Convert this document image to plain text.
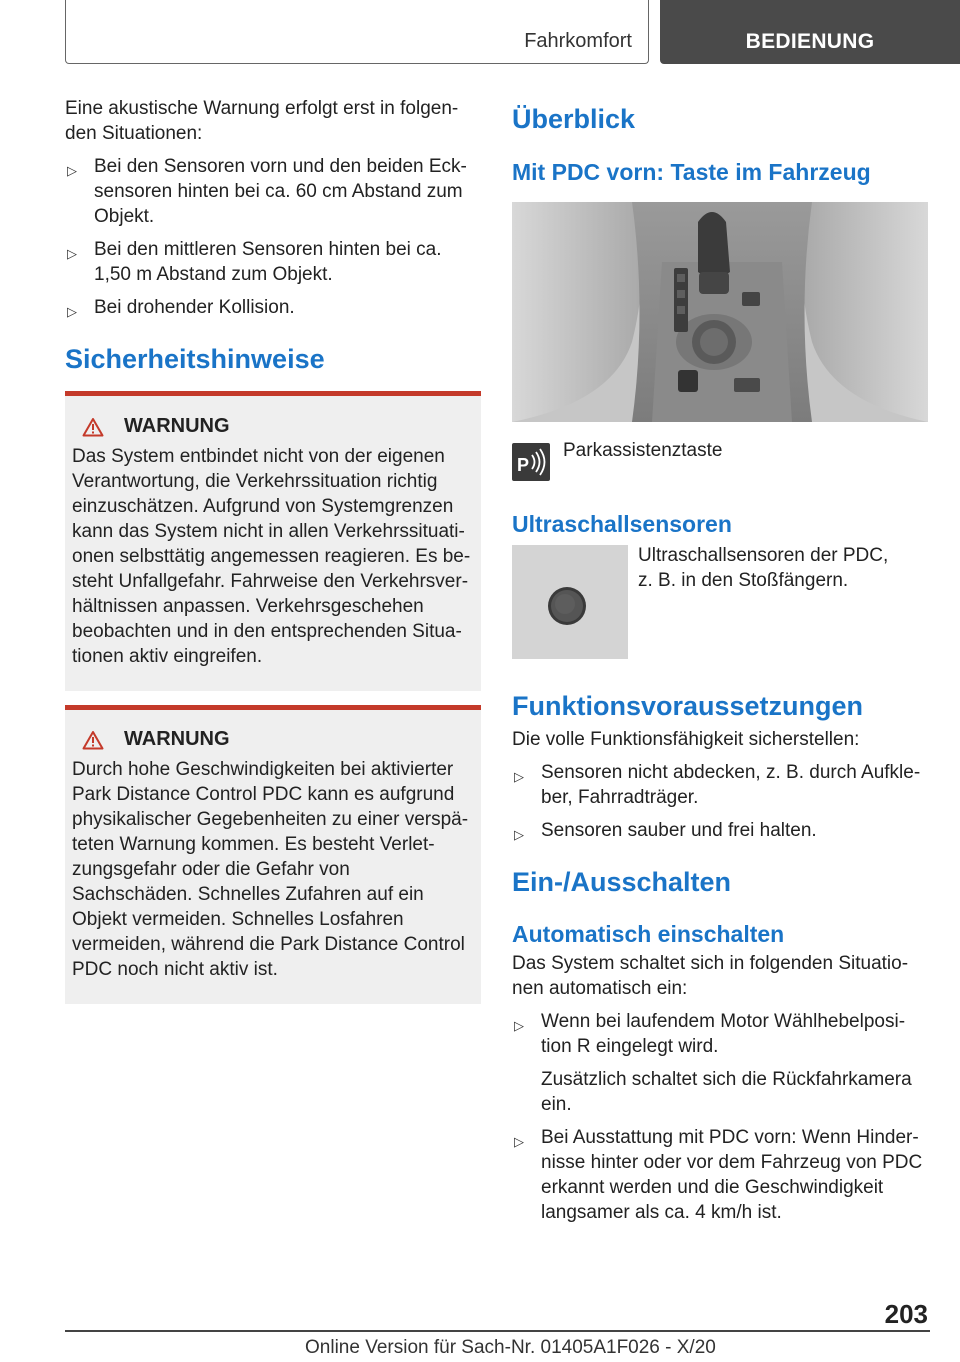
Fahrkomfort	BEDIENUNG

Eine akustische Warnung erfolgt erst in folgen-den Situationen:

▷ Bei den Sensoren vorn und den beiden Eck-sensoren hinten bei ca. 60 cm Abstand zum Objekt.
▷ Bei den mittleren Sensoren hinten bei ca. 1,50 m Abstand zum Objekt.
▷ Bei drohender Kollision.
Sicherheitshinweise
WARNUNG

Das System entbindet nicht von der eigenen Verantwortung, die Verkehrssituation richtig einzuschätzen. Aufgrund von Systemgrenzen kann das System nicht in allen Verkehrssituati-onen selbsttätig angemessen reagieren. Es be-steht Unfallgefahr. Fahrweise den Verkehrsver-hältnissen anpassen. Verkehrsgeschehen beobachten und in den entsprechenden Situa-tionen aktiv eingreifen.

WARNUNG

Durch hohe Geschwindigkeiten bei aktivierter Park Distance Control PDC kann es aufgrund physikalischer Gegebenheiten zu einer verspä-teten Warnung kommen. Es besteht Verlet-zungsgefahr oder die Gefahr von Sachschäden. Schnelles Zufahren auf ein Objekt vermeiden. Schnelles Losfahren vermeiden, während die Park Distance Control PDC noch nicht aktiv ist.

Überblick
Mit PDC vorn: Taste im Fahrzeug
P
Parkassistenztaste
Ultraschallsensoren

Ultraschallsensoren der PDC, z. B. in den Stoßfängern.

Funktionsvoraussetzungen

Die volle Funktionsfähigkeit sicherstellen:

▷ Sensoren nicht abdecken, z. B. durch Aufkle-ber, Fahrradträger.
▷ Sensoren sauber und frei halten.
Ein-/Ausschalten
Automatisch einschalten

Das System schaltet sich in folgenden Situatio-nen automatisch ein:

▷ Wenn bei laufendem Motor Wählhebelposi-tion R eingelegt wird.

Zusätzlich schaltet sich die Rückfahrkamera ein.

▷ Bei Ausstattung mit PDC vorn: Wenn Hinder-nisse hinter oder vor dem Fahrzeug von PDC erkannt werden und die Geschwindigkeit langsamer als ca. 4 km/h ist.
203
Online Version für Sach-Nr. 01405A1F026 - X/20
